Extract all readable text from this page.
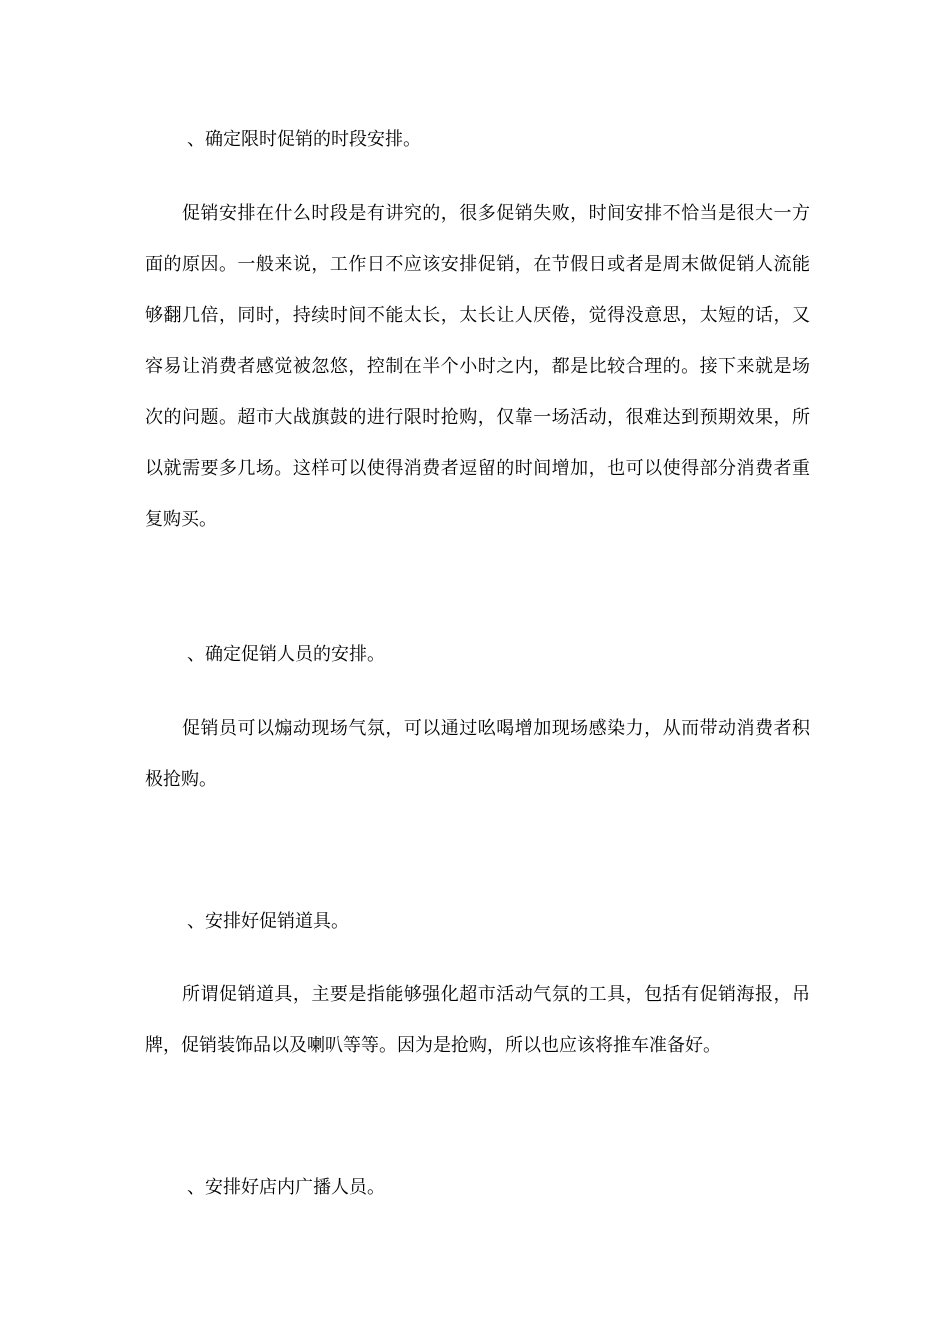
、确定限时促销的时段安排。
促销安排在什么时段是有讲究的，很多促销失败，时间安排不恰当是很大一方面的原因。一般来说，工作日不应该安排促销，在节假日或者是周末做促销人流能够翻几倍，同时，持续时间不能太长，太长让人厌倦，觉得没意思，太短的话，又容易让消费者感觉被忽悠，控制在半个小时之内，都是比较合理的。接下来就是场次的问题。超市大战旗鼓的进行限时抢购，仅靠一场活动，很难达到预期效果，所以就需要多几场。这样可以使得消费者逗留的时间增加，也可以使得部分消费者重复购买。
、确定促销人员的安排。
促销员可以煽动现场气氛，可以通过吆喝增加现场感染力，从而带动消费者积极抢购。
、安排好促销道具。
所谓促销道具，主要是指能够强化超市活动气氛的工具，包括有促销海报，吊牌，促销装饰品以及喇叭等等。因为是抢购，所以也应该将推车准备好。
、安排好店内广播人员。
